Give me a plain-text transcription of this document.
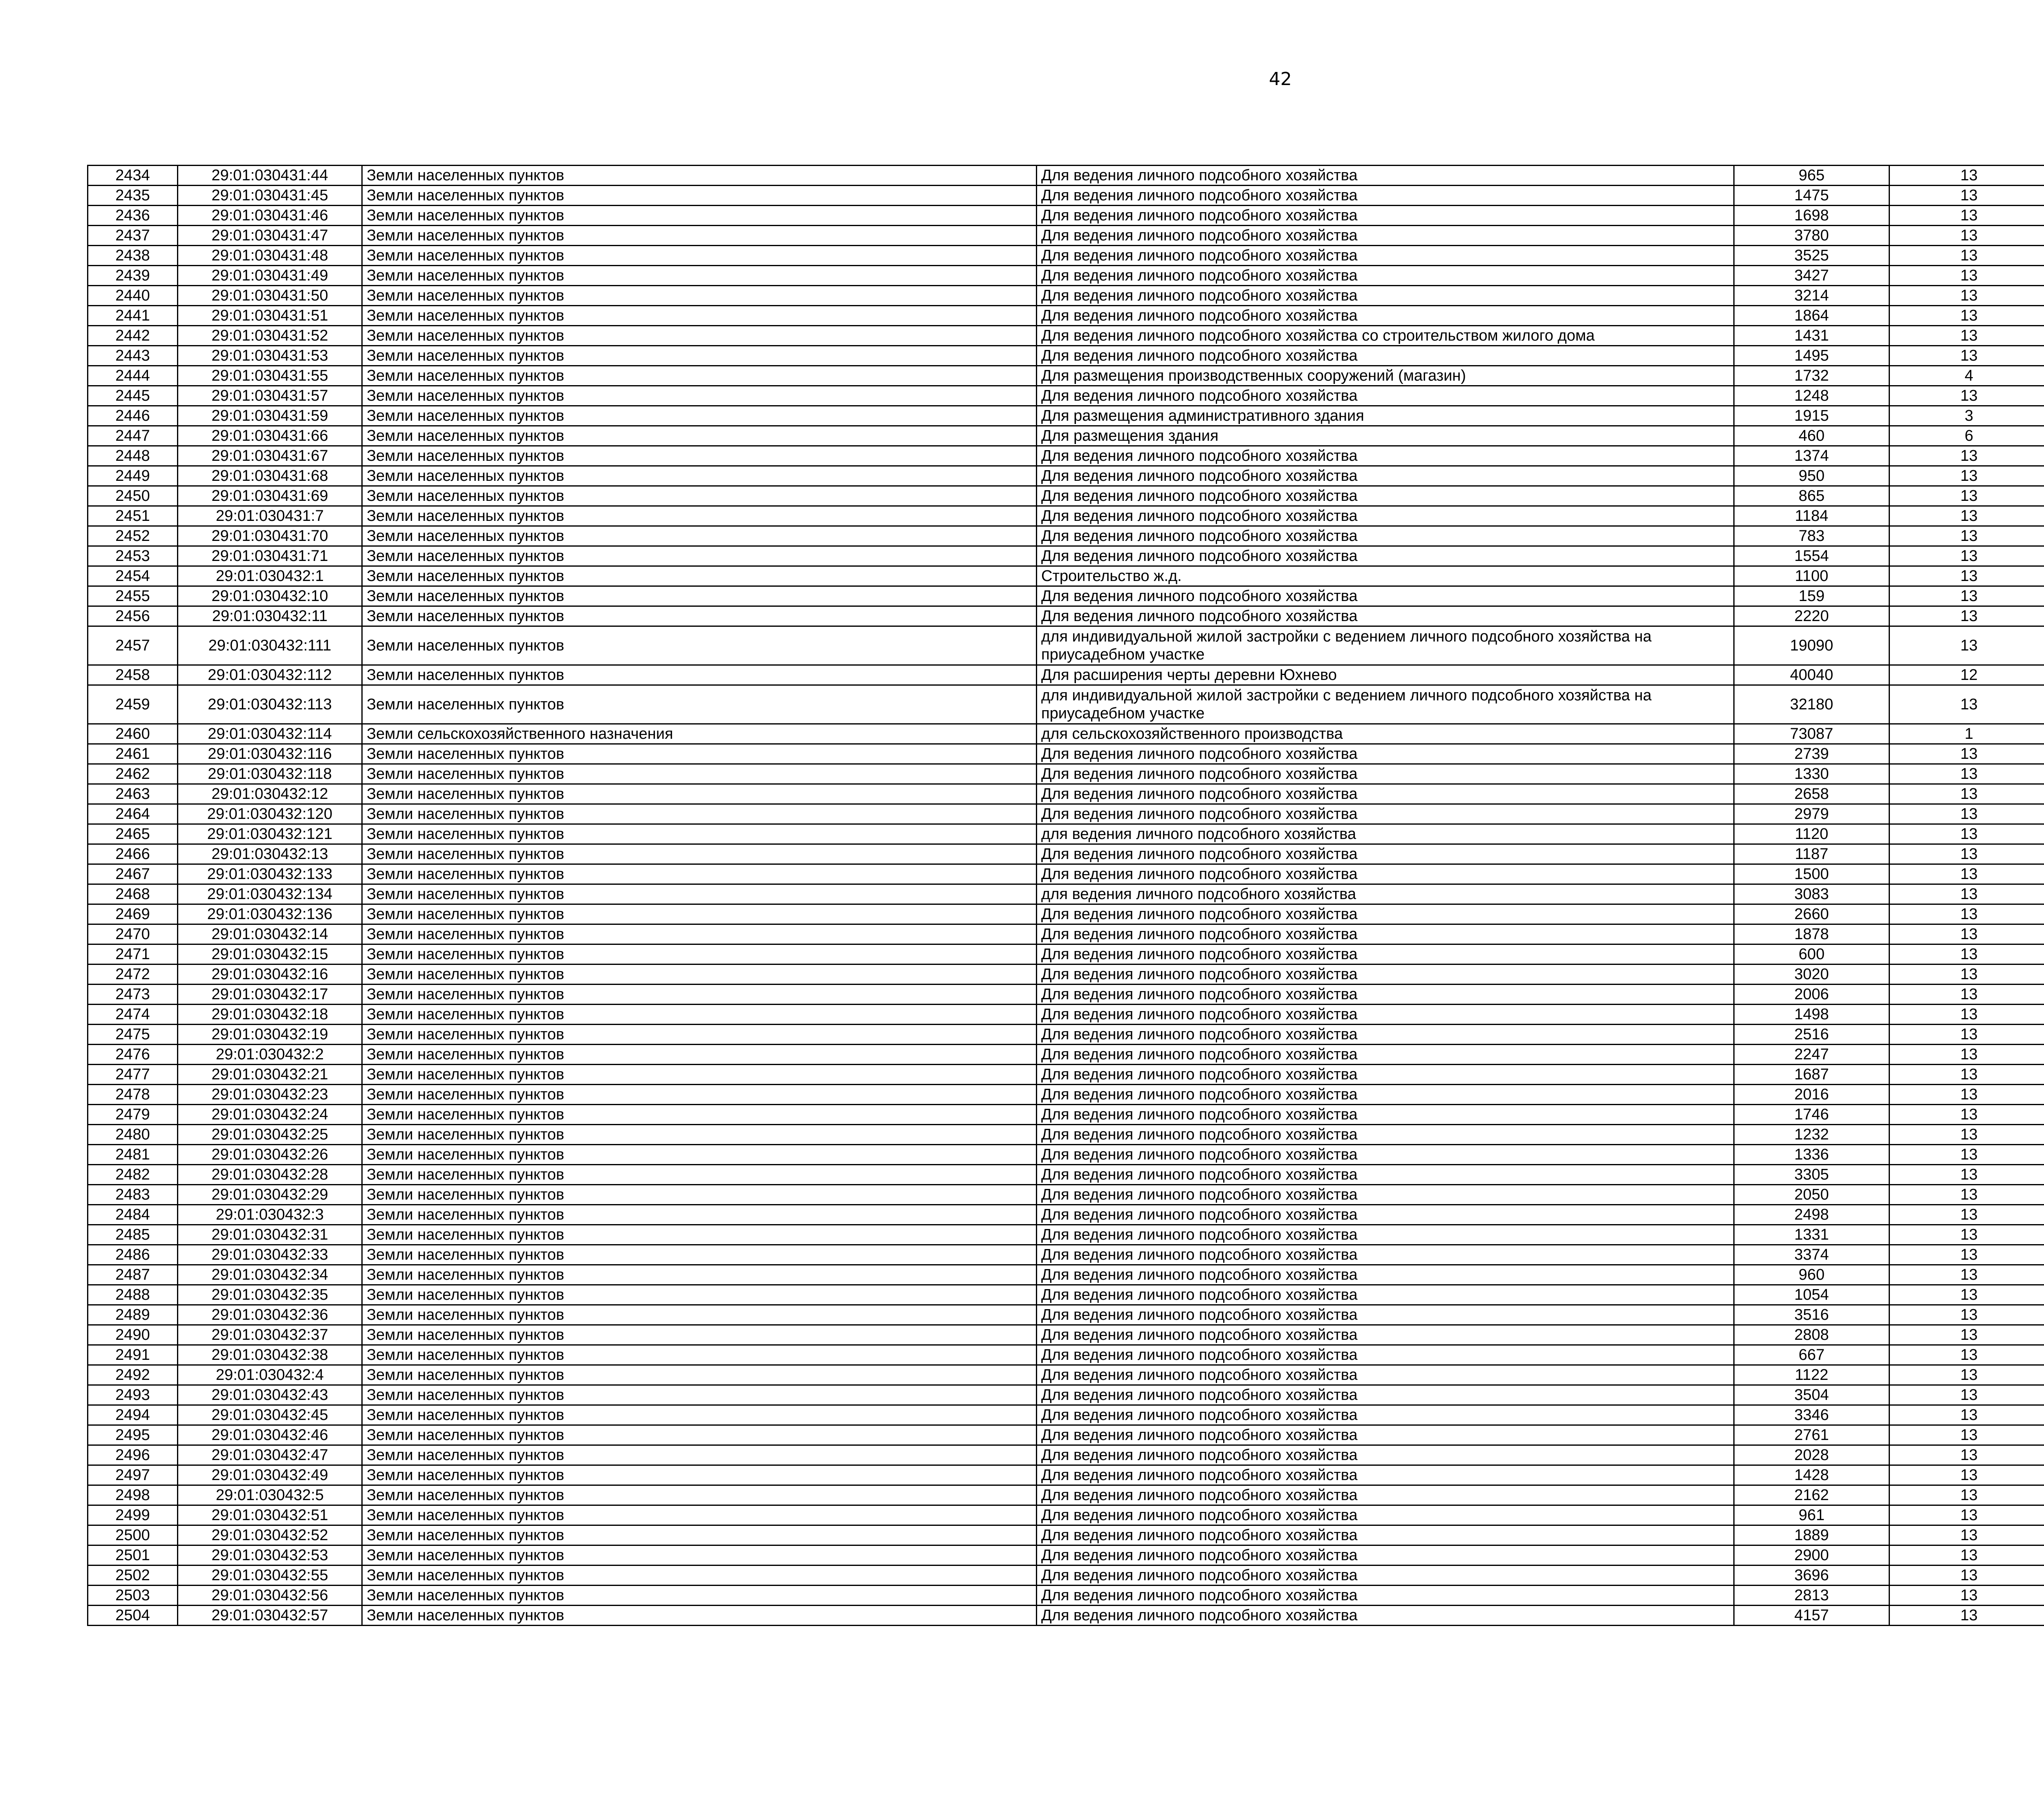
42
2434	29:01:030431:44	Земли населенных пунктов	Для ведения личного подсобного хозяйства	965	13		
2435	29:01:030431:45	Земли населенных пунктов	Для ведения личного подсобного хозяйства	1475	13		
2436	29:01:030431:46	Земли населенных пунктов	Для ведения личного подсобного хозяйства	1698	13		
2437	29:01:030431:47	Земли населенных пунктов	Для ведения личного подсобного хозяйства	3780	13		
2438	29:01:030431:48	Земли населенных пунктов	Для ведения личного подсобного хозяйства	3525	13		
2439	29:01:030431:49	Земли населенных пунктов	Для ведения личного подсобного хозяйства	3427	13		
2440	29:01:030431:50	Земли населенных пунктов	Для ведения личного подсобного хозяйства	3214	13		
2441	29:01:030431:51	Земли населенных пунктов	Для ведения личного подсобного хозяйства	1864	13		
2442	29:01:030431:52	Земли населенных пунктов	Для ведения личного подсобного хозяйства со строительством жилого дома	1431	13		
2443	29:01:030431:53	Земли населенных пунктов	Для ведения личного подсобного хозяйства	1495	13		
2444	29:01:030431:55	Земли населенных пунктов	Для размещения производственных сооружений (магазин)	1732	4		
2445	29:01:030431:57	Земли населенных пунктов	Для ведения личного подсобного хозяйства	1248	13		
2446	29:01:030431:59	Земли населенных пунктов	Для размещения административного здания	1915	3		
2447	29:01:030431:66	Земли населенных пунктов	Для размещения здания	460	6		
2448	29:01:030431:67	Земли населенных пунктов	Для ведения личного подсобного хозяйства	1374	13		
2449	29:01:030431:68	Земли населенных пунктов	Для ведения личного подсобного хозяйства	950	13		
2450	29:01:030431:69	Земли населенных пунктов	Для ведения личного подсобного хозяйства	865	13		
2451	29:01:030431:7	Земли населенных пунктов	Для ведения личного подсобного хозяйства	1184	13		
2452	29:01:030431:70	Земли населенных пунктов	Для ведения личного подсобного хозяйства	783	13		
2453	29:01:030431:71	Земли населенных пунктов	Для ведения личного подсобного хозяйства	1554	13		
2454	29:01:030432:1	Земли населенных пунктов	Строительство ж.д.	1100	13		
2455	29:01:030432:10	Земли населенных пунктов	Для ведения личного подсобного хозяйства	159	13		
2456	29:01:030432:11	Земли населенных пунктов	Для ведения личного подсобного хозяйства	2220	13		
2457	29:01:030432:111	Земли населенных пунктов	для индивидуальной жилой застройки с ведением личного подсобного хозяйства на приусадебном участке	19090	13		
2458	29:01:030432:112	Земли населенных пунктов	Для расширения черты деревни Юхнево	40040	12		
2459	29:01:030432:113	Земли населенных пунктов	для индивидуальной жилой застройки с ведением личного подсобного хозяйства на приусадебном участке	32180	13		
2460	29:01:030432:114	Земли сельскохозяйственного назначения	для сельскохозяйственного производства	73087	1		
2461	29:01:030432:116	Земли населенных пунктов	Для ведения личного подсобного хозяйства	2739	13		
2462	29:01:030432:118	Земли населенных пунктов	Для ведения личного подсобного хозяйства	1330	13		
2463	29:01:030432:12	Земли населенных пунктов	Для ведения личного подсобного хозяйства	2658	13		
2464	29:01:030432:120	Земли населенных пунктов	Для ведения личного подсобного хозяйства	2979	13		
2465	29:01:030432:121	Земли населенных пунктов	для ведения личного подсобного хозяйства	1120	13		
2466	29:01:030432:13	Земли населенных пунктов	Для ведения личного подсобного хозяйства	1187	13		
2467	29:01:030432:133	Земли населенных пунктов	Для ведения личного подсобного хозяйства	1500	13		
2468	29:01:030432:134	Земли населенных пунктов	для ведения личного подсобного хозяйства	3083	13		
2469	29:01:030432:136	Земли населенных пунктов	Для ведения личного подсобного хозяйства	2660	13		
2470	29:01:030432:14	Земли населенных пунктов	Для ведения личного подсобного хозяйства	1878	13		
2471	29:01:030432:15	Земли населенных пунктов	Для ведения личного подсобного хозяйства	600	13		
2472	29:01:030432:16	Земли населенных пунктов	Для ведения личного подсобного хозяйства	3020	13		
2473	29:01:030432:17	Земли населенных пунктов	Для ведения личного подсобного хозяйства	2006	13		
2474	29:01:030432:18	Земли населенных пунктов	Для ведения личного подсобного хозяйства	1498	13		
2475	29:01:030432:19	Земли населенных пунктов	Для ведения личного подсобного хозяйства	2516	13		
2476	29:01:030432:2	Земли населенных пунктов	Для ведения личного подсобного хозяйства	2247	13		
2477	29:01:030432:21	Земли населенных пунктов	Для ведения личного подсобного хозяйства	1687	13		
2478	29:01:030432:23	Земли населенных пунктов	Для ведения личного подсобного хозяйства	2016	13		
2479	29:01:030432:24	Земли населенных пунктов	Для ведения личного подсобного хозяйства	1746	13		
2480	29:01:030432:25	Земли населенных пунктов	Для ведения личного подсобного хозяйства	1232	13		
2481	29:01:030432:26	Земли населенных пунктов	Для ведения личного подсобного хозяйства	1336	13		
2482	29:01:030432:28	Земли населенных пунктов	Для ведения личного подсобного хозяйства	3305	13		
2483	29:01:030432:29	Земли населенных пунктов	Для ведения личного подсобного хозяйства	2050	13		
2484	29:01:030432:3	Земли населенных пунктов	Для ведения личного подсобного хозяйства	2498	13		
2485	29:01:030432:31	Земли населенных пунктов	Для ведения личного подсобного хозяйства	1331	13		
2486	29:01:030432:33	Земли населенных пунктов	Для ведения личного подсобного хозяйства	3374	13		
2487	29:01:030432:34	Земли населенных пунктов	Для ведения личного подсобного хозяйства	960	13		
2488	29:01:030432:35	Земли населенных пунктов	Для ведения личного подсобного хозяйства	1054	13		
2489	29:01:030432:36	Земли населенных пунктов	Для ведения личного подсобного хозяйства	3516	13		
2490	29:01:030432:37	Земли населенных пунктов	Для ведения личного подсобного хозяйства	2808	13		
2491	29:01:030432:38	Земли населенных пунктов	Для ведения личного подсобного хозяйства	667	13		
2492	29:01:030432:4	Земли населенных пунктов	Для ведения личного подсобного хозяйства	1122	13		
2493	29:01:030432:43	Земли населенных пунктов	Для ведения личного подсобного хозяйства	3504	13		
2494	29:01:030432:45	Земли населенных пунктов	Для ведения личного подсобного хозяйства	3346	13		
2495	29:01:030432:46	Земли населенных пунктов	Для ведения личного подсобного хозяйства	2761	13		
2496	29:01:030432:47	Земли населенных пунктов	Для ведения личного подсобного хозяйства	2028	13		
2497	29:01:030432:49	Земли населенных пунктов	Для ведения личного подсобного хозяйства	1428	13		
2498	29:01:030432:5	Земли населенных пунктов	Для ведения личного подсобного хозяйства	2162	13		
2499	29:01:030432:51	Земли населенных пунктов	Для ведения личного подсобного хозяйства	961	13		
2500	29:01:030432:52	Земли населенных пунктов	Для ведения личного подсобного хозяйства	1889	13		
2501	29:01:030432:53	Земли населенных пунктов	Для ведения личного подсобного хозяйства	2900	13		
2502	29:01:030432:55	Земли населенных пунктов	Для ведения личного подсобного хозяйства	3696	13		
2503	29:01:030432:56	Земли населенных пунктов	Для ведения личного подсобного хозяйства	2813	13		
2504	29:01:030432:57	Земли населенных пунктов	Для ведения личного подсобного хозяйства	4157	13		
